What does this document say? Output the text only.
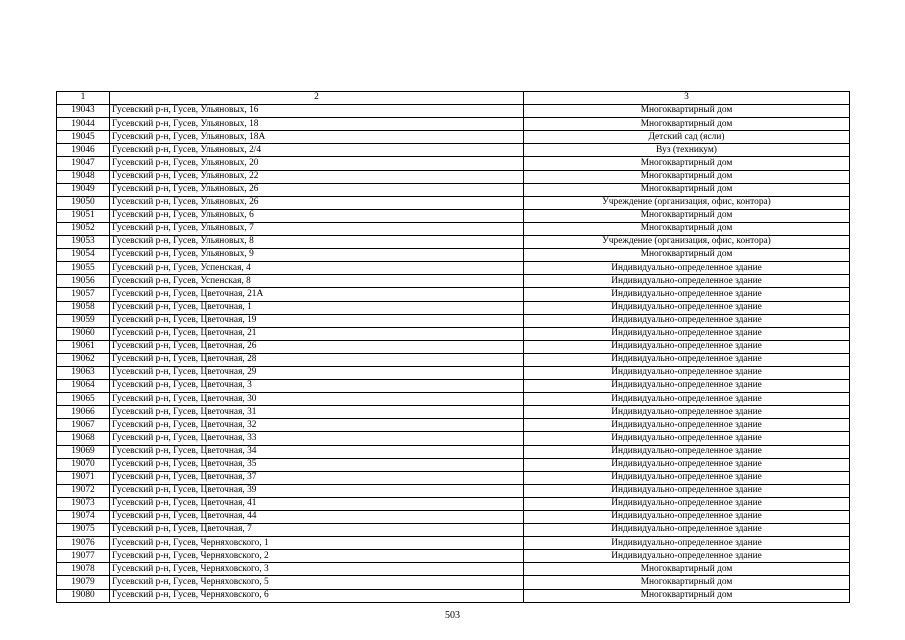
1	2	3
19043	Гусевский р-н, Гусев, Ульяновых, 16	Многоквартирный дом
19044	Гусевский р-н, Гусев, Ульяновых, 18	Многоквартирный дом
19045	Гусевский р-н, Гусев, Ульяновых, 18А	Детский сад (ясли)
19046	Гусевский р-н, Гусев, Ульяновых, 2/4	Вуз (техникум)
19047	Гусевский р-н, Гусев, Ульяновых, 20	Многоквартирный дом
19048	Гусевский р-н, Гусев, Ульяновых, 22	Многоквартирный дом
19049	Гусевский р-н, Гусев, Ульяновых, 26	Многоквартирный дом
19050	Гусевский р-н, Гусев, Ульяновых, 26	Учреждение (организация, офис, контора)
19051	Гусевский р-н, Гусев, Ульяновых, 6	Многоквартирный дом
19052	Гусевский р-н, Гусев, Ульяновых, 7	Многоквартирный дом
19053	Гусевский р-н, Гусев, Ульяновых, 8	Учреждение (организация, офис, контора)
19054	Гусевский р-н, Гусев, Ульяновых, 9	Многоквартирный дом
19055	Гусевский р-н, Гусев, Успенская, 4	Индивидуально-определенное здание
19056	Гусевский р-н, Гусев, Успенская, 8	Индивидуально-определенное здание
19057	Гусевский р-н, Гусев, Цветочная, 21А	Индивидуально-определенное здание
19058	Гусевский р-н, Гусев, Цветочная, 1	Индивидуально-определенное здание
19059	Гусевский р-н, Гусев, Цветочная, 19	Индивидуально-определенное здание
19060	Гусевский р-н, Гусев, Цветочная, 21	Индивидуально-определенное здание
19061	Гусевский р-н, Гусев, Цветочная, 26	Индивидуально-определенное здание
19062	Гусевский р-н, Гусев, Цветочная, 28	Индивидуально-определенное здание
19063	Гусевский р-н, Гусев, Цветочная, 29	Индивидуально-определенное здание
19064	Гусевский р-н, Гусев, Цветочная, 3	Индивидуально-определенное здание
19065	Гусевский р-н, Гусев, Цветочная, 30	Индивидуально-определенное здание
19066	Гусевский р-н, Гусев, Цветочная, 31	Индивидуально-определенное здание
19067	Гусевский р-н, Гусев, Цветочная, 32	Индивидуально-определенное здание
19068	Гусевский р-н, Гусев, Цветочная, 33	Индивидуально-определенное здание
19069	Гусевский р-н, Гусев, Цветочная, 34	Индивидуально-определенное здание
19070	Гусевский р-н, Гусев, Цветочная, 35	Индивидуально-определенное здание
19071	Гусевский р-н, Гусев, Цветочная, 37	Индивидуально-определенное здание
19072	Гусевский р-н, Гусев, Цветочная, 39	Индивидуально-определенное здание
19073	Гусевский р-н, Гусев, Цветочная, 41	Индивидуально-определенное здание
19074	Гусевский р-н, Гусев, Цветочная, 44	Индивидуально-определенное здание
19075	Гусевский р-н, Гусев, Цветочная, 7	Индивидуально-определенное здание
19076	Гусевский р-н, Гусев, Черняховского, 1	Индивидуально-определенное здание
19077	Гусевский р-н, Гусев, Черняховского, 2	Индивидуально-определенное здание
19078	Гусевский р-н, Гусев, Черняховского, 3	Многоквартирный дом
19079	Гусевский р-н, Гусев, Черняховского, 5	Многоквартирный дом
19080	Гусевский р-н, Гусев, Черняховского, 6	Многоквартирный дом
503
